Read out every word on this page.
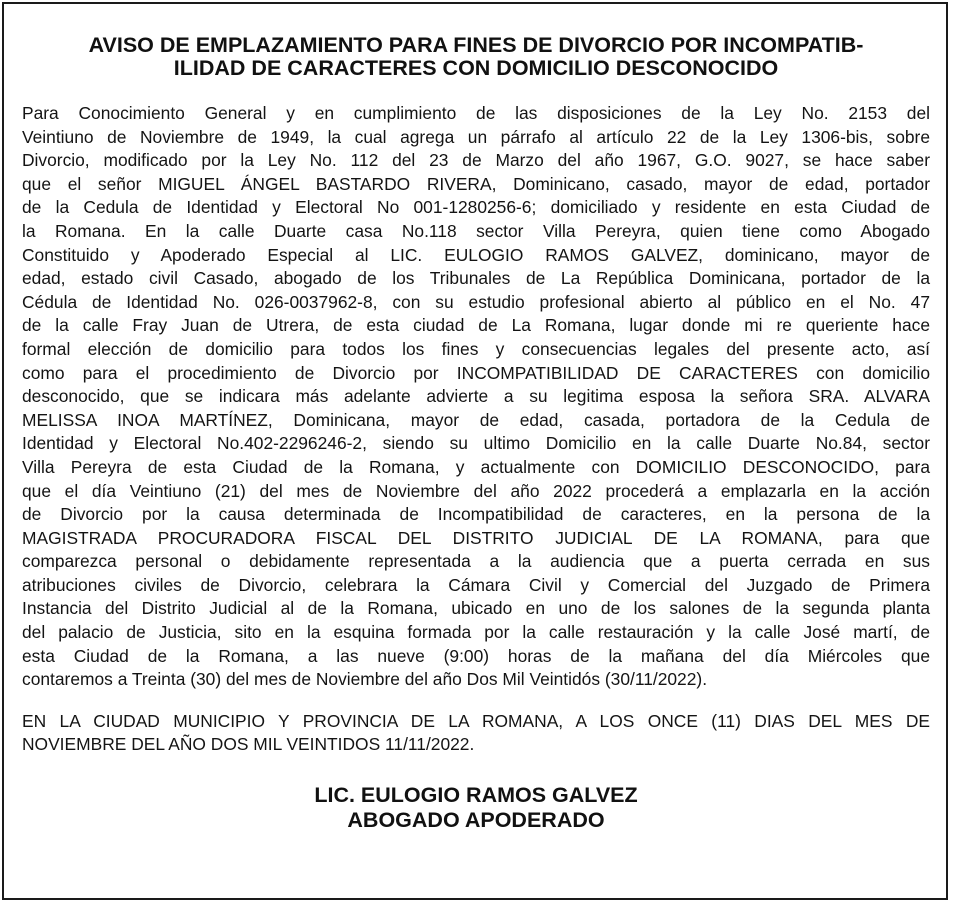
AVISO DE EMPLAZAMIENTO PARA FINES DE DIVORCIO POR INCOMPATIB-
ILIDAD DE CARACTERES CON DOMICILIO DESCONOCIDO
Para Conocimiento General y en cumplimiento de las disposiciones de la Ley No. 2153 del
Veintiuno de Noviembre de 1949, la cual agrega un párrafo al artículo 22 de la Ley 1306-bis, sobre
Divorcio, modificado por la Ley No. 112 del 23 de Marzo del año 1967, G.O. 9027, se hace saber
que el señor MIGUEL ÁNGEL BASTARDO RIVERA, Dominicano, casado, mayor de edad, portador
de la Cedula de Identidad y Electoral No 001-1280256-6; domiciliado y residente en esta Ciudad de
la Romana. En la calle Duarte casa No.118 sector Villa Pereyra, quien tiene como Abogado
Constituido y Apoderado Especial al LIC. EULOGIO RAMOS GALVEZ, dominicano, mayor de
edad, estado civil Casado, abogado de los Tribunales de La República Dominicana, portador de la
Cédula de Identidad No. 026-0037962-8, con su estudio profesional abierto al público en el No. 47
de la calle Fray Juan de Utrera, de esta ciudad de La Romana, lugar donde mi re queriente hace
formal elección de domicilio para todos los fines y consecuencias legales del presente acto, así
como para el procedimiento de Divorcio por INCOMPATIBILIDAD DE CARACTERES con domicilio
desconocido, que se indicara más adelante advierte a su legitima esposa la señora SRA. ALVARA
MELISSA INOA MARTÍNEZ, Dominicana, mayor de edad, casada, portadora de la Cedula de
Identidad y Electoral No.402-2296246-2, siendo su ultimo Domicilio en la calle Duarte No.84, sector
Villa Pereyra de esta Ciudad de la Romana, y actualmente con DOMICILIO DESCONOCIDO, para
que el día Veintiuno (21) del mes de Noviembre del año 2022 procederá a emplazarla en la acción
de Divorcio por la causa determinada de Incompatibilidad de caracteres, en la persona de la
MAGISTRADA PROCURADORA FISCAL DEL DISTRITO JUDICIAL DE LA ROMANA, para que
comparezca personal o debidamente representada a la audiencia que a puerta cerrada en sus
atribuciones civiles de Divorcio, celebrara la Cámara Civil y Comercial del Juzgado de Primera
Instancia del Distrito Judicial al de la Romana, ubicado en uno de los salones de la segunda planta
del palacio de Justicia, sito en la esquina formada por la calle restauración y la calle José martí, de
esta Ciudad de la Romana, a las nueve (9:00) horas de la mañana del día Miércoles que
contaremos a Treinta (30) del mes de Noviembre del año Dos Mil Veintidós (30/11/2022).
EN LA CIUDAD MUNICIPIO Y PROVINCIA DE LA ROMANA, A LOS ONCE (11) DIAS DEL MES DE
NOVIEMBRE DEL AÑO DOS MIL VEINTIDOS 11/11/2022.
LIC. EULOGIO RAMOS GALVEZ
ABOGADO APODERADO
